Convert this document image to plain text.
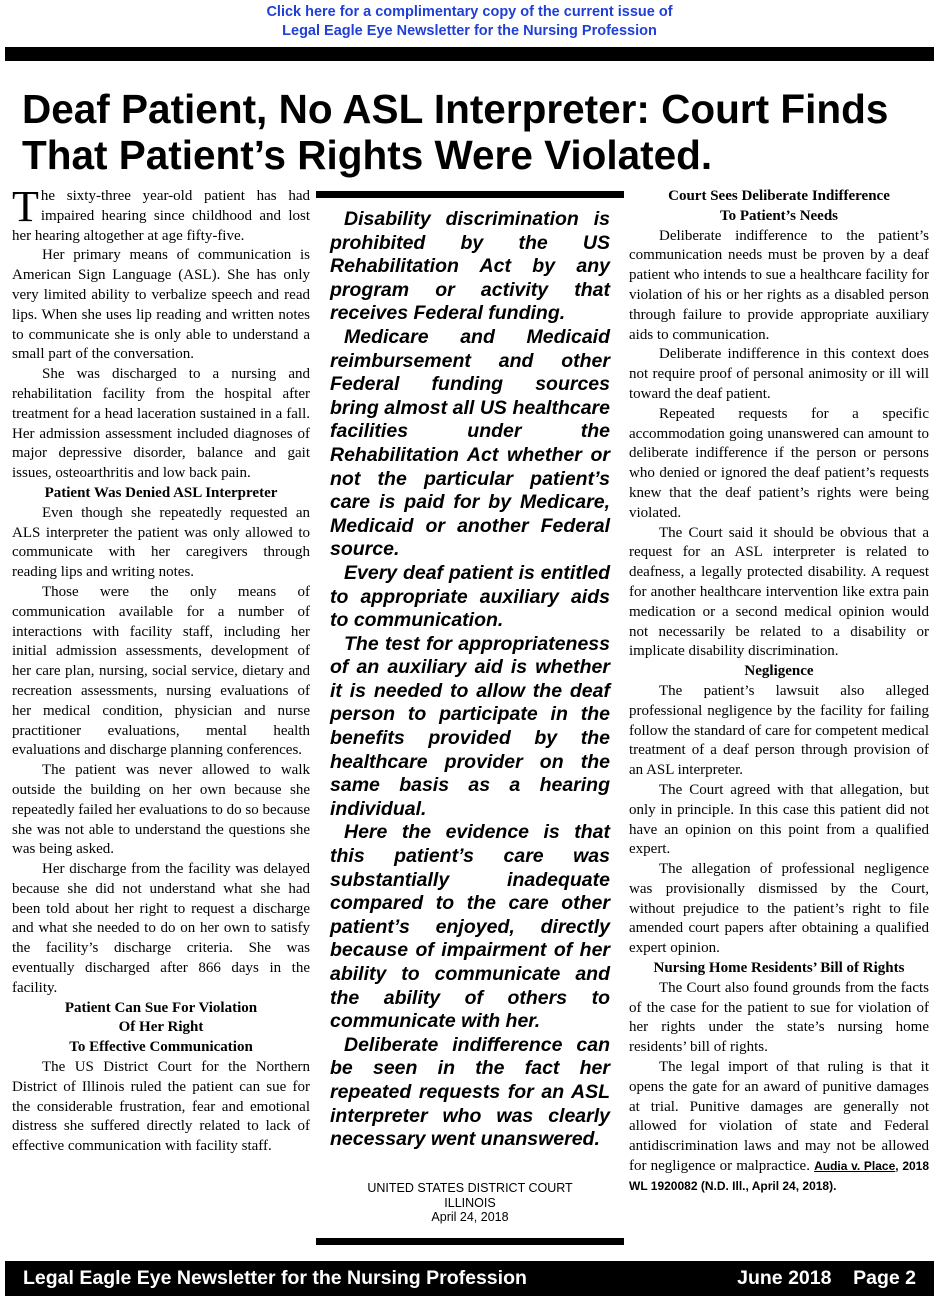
Click here for a complimentary copy of the current issue of
Legal Eagle Eye Newsletter for the Nursing Profession
Deaf Patient, No ASL Interpreter: Court Finds That Patient’s Rights Were Violated.

The sixty-three year-old patient has had impaired hearing since childhood and lost her hearing altogether at age fifty-five.

Her primary means of communication is American Sign Language (ASL). She has only very limited ability to verbalize speech and read lips. When she uses lip reading and written notes to communicate she is only able to understand a small part of the conversation.

She was discharged to a nursing and rehabilitation facility from the hospital after treatment for a head laceration sustained in a fall. Her admission assessment included diagnoses of major depressive disorder, balance and gait issues, osteoarthritis and low back pain.

Patient Was Denied ASL Interpreter

Even though she repeatedly requested an ALS interpreter the patient was only allowed to communicate with her caregivers through reading lips and writing notes.

Those were the only means of communication available for a number of interactions with facility staff, including her initial admission assessments, development of her care plan, nursing, social service, dietary and recreation assessments, nursing evaluations of her medical condition, physician and nurse practitioner evaluations, mental health evaluations and discharge planning conferences.

The patient was never allowed to walk outside the building on her own because she repeatedly failed her evaluations to do so because she was not able to understand the questions she was being asked.

Her discharge from the facility was delayed because she did not understand what she had been told about her right to request a discharge and what she needed to do on her own to satisfy the facility’s discharge criteria. She was eventually discharged after 866 days in the facility.

Patient Can Sue For Violation
Of Her Right
To Effective Communication

The US District Court for the Northern District of Illinois ruled the patient can sue for the considerable frustration, fear and emotional distress she suffered directly related to lack of effective communication with facility staff.

Disability discrimination is prohibited by the US Rehabilitation Act by any program or activity that receives Federal funding.

Medicare and Medicaid reimbursement and other Federal funding sources bring almost all US healthcare facilities under the Rehabilitation Act whether or not the particular patient’s care is paid for by Medicare, Medicaid or another Federal source.

Every deaf patient is entitled to appropriate auxiliary aids to communication.

The test for appropriateness of an auxiliary aid is whether it is needed to allow the deaf person to participate in the benefits provided by the healthcare provider on the same basis as a hearing individual.

Here the evidence is that this patient’s care was substantially inadequate compared to the care other patient’s enjoyed, directly because of impairment of her ability to communicate and the ability of others to communicate with her.

Deliberate indifference can be seen in the fact her repeated requests for an ASL interpreter who was clearly necessary went unanswered.

UNITED STATES DISTRICT COURT
ILLINOIS
April 24, 2018
Court Sees Deliberate Indifference
To Patient’s Needs

Deliberate indifference to the patient’s communication needs must be proven by a deaf patient who intends to sue a healthcare facility for violation of his or her rights as a disabled person through failure to provide appropriate auxiliary aids to communication.

Deliberate indifference in this context does not require proof of personal animosity or ill will toward the deaf patient.

Repeated requests for a specific accommodation going unanswered can amount to deliberate indifference if the person or persons who denied or ignored the deaf patient’s requests knew that the deaf patient’s rights were being violated.

The Court said it should be obvious that a request for an ASL interpreter is related to deafness, a legally protected disability. A request for another healthcare intervention like extra pain medication or a second medical opinion would not necessarily be related to a disability or implicate disability discrimination.

Negligence

The patient’s lawsuit also alleged professional negligence by the facility for failing follow the standard of care for competent medical treatment of a deaf person through provision of an ASL interpreter.

The Court agreed with that allegation, but only in principle. In this case this patient did not have an opinion on this point from a qualified expert.

The allegation of professional negligence was provisionally dismissed by the Court, without prejudice to the patient’s right to file amended court papers after obtaining a qualified expert opinion.

Nursing Home Residents’ Bill of Rights

The Court also found grounds from the facts of the case for the patient to sue for violation of her rights under the state’s nursing home residents’ bill of rights.

The legal import of that ruling is that it opens the gate for an award of punitive damages at trial. Punitive damages are generally not allowed for violation of state and Federal antidiscrimination laws and may not be allowed for negligence or malpractice. Audia v. Place, 2018 WL 1920082 (N.D. Ill., April 24, 2018).

Legal Eagle Eye Newsletter for the Nursing Profession	June 2018    Page 2
